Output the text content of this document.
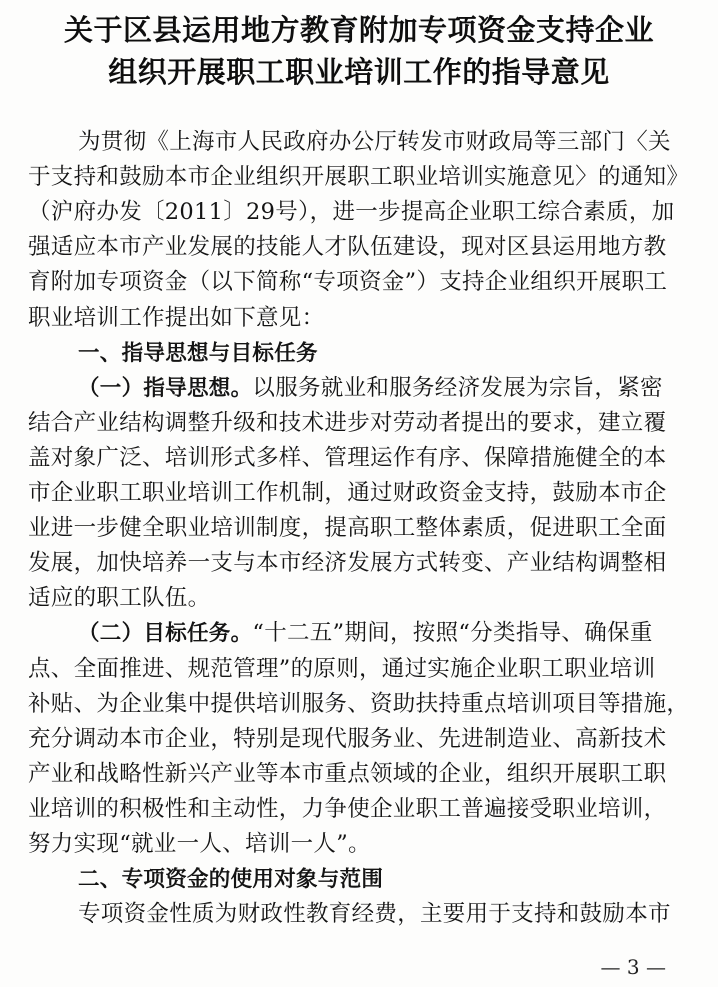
关于区县运用地方教育附加专项资金支持企业
组织开展职工职业培训工作的指导意见
为贯彻《上海市人民政府办公厅转发市财政局等三部门〈关
于支持和鼓励本市企业组织开展职工职业培训实施意见〉的通知》
（沪府办发〔2011〕29号），进一步提高企业职工综合素质，加
强适应本市产业发展的技能人才队伍建设，现对区县运用地方教
育附加专项资金（以下简称“专项资金”）支持企业组织开展职工
职业培训工作提出如下意见：
一、指导思想与目标任务
（一）指导思想。以服务就业和服务经济发展为宗旨，紧密
结合产业结构调整升级和技术进步对劳动者提出的要求，建立覆
盖对象广泛、培训形式多样、管理运作有序、保障措施健全的本
市企业职工职业培训工作机制，通过财政资金支持，鼓励本市企
业进一步健全职业培训制度，提高职工整体素质，促进职工全面
发展，加快培养一支与本市经济发展方式转变、产业结构调整相
适应的职工队伍。
（二）目标任务。“十二五”期间，按照“分类指导、确保重
点、全面推进、规范管理”的原则，通过实施企业职工职业培训
补贴、为企业集中提供培训服务、资助扶持重点培训项目等措施，
充分调动本市企业，特别是现代服务业、先进制造业、高新技术
产业和战略性新兴产业等本市重点领域的企业，组织开展职工职
业培训的积极性和主动性，力争使企业职工普遍接受职业培训，
努力实现“就业一人、培训一人”。
二、专项资金的使用对象与范围
专项资金性质为财政性教育经费，主要用于支持和鼓励本市
— 3 —
